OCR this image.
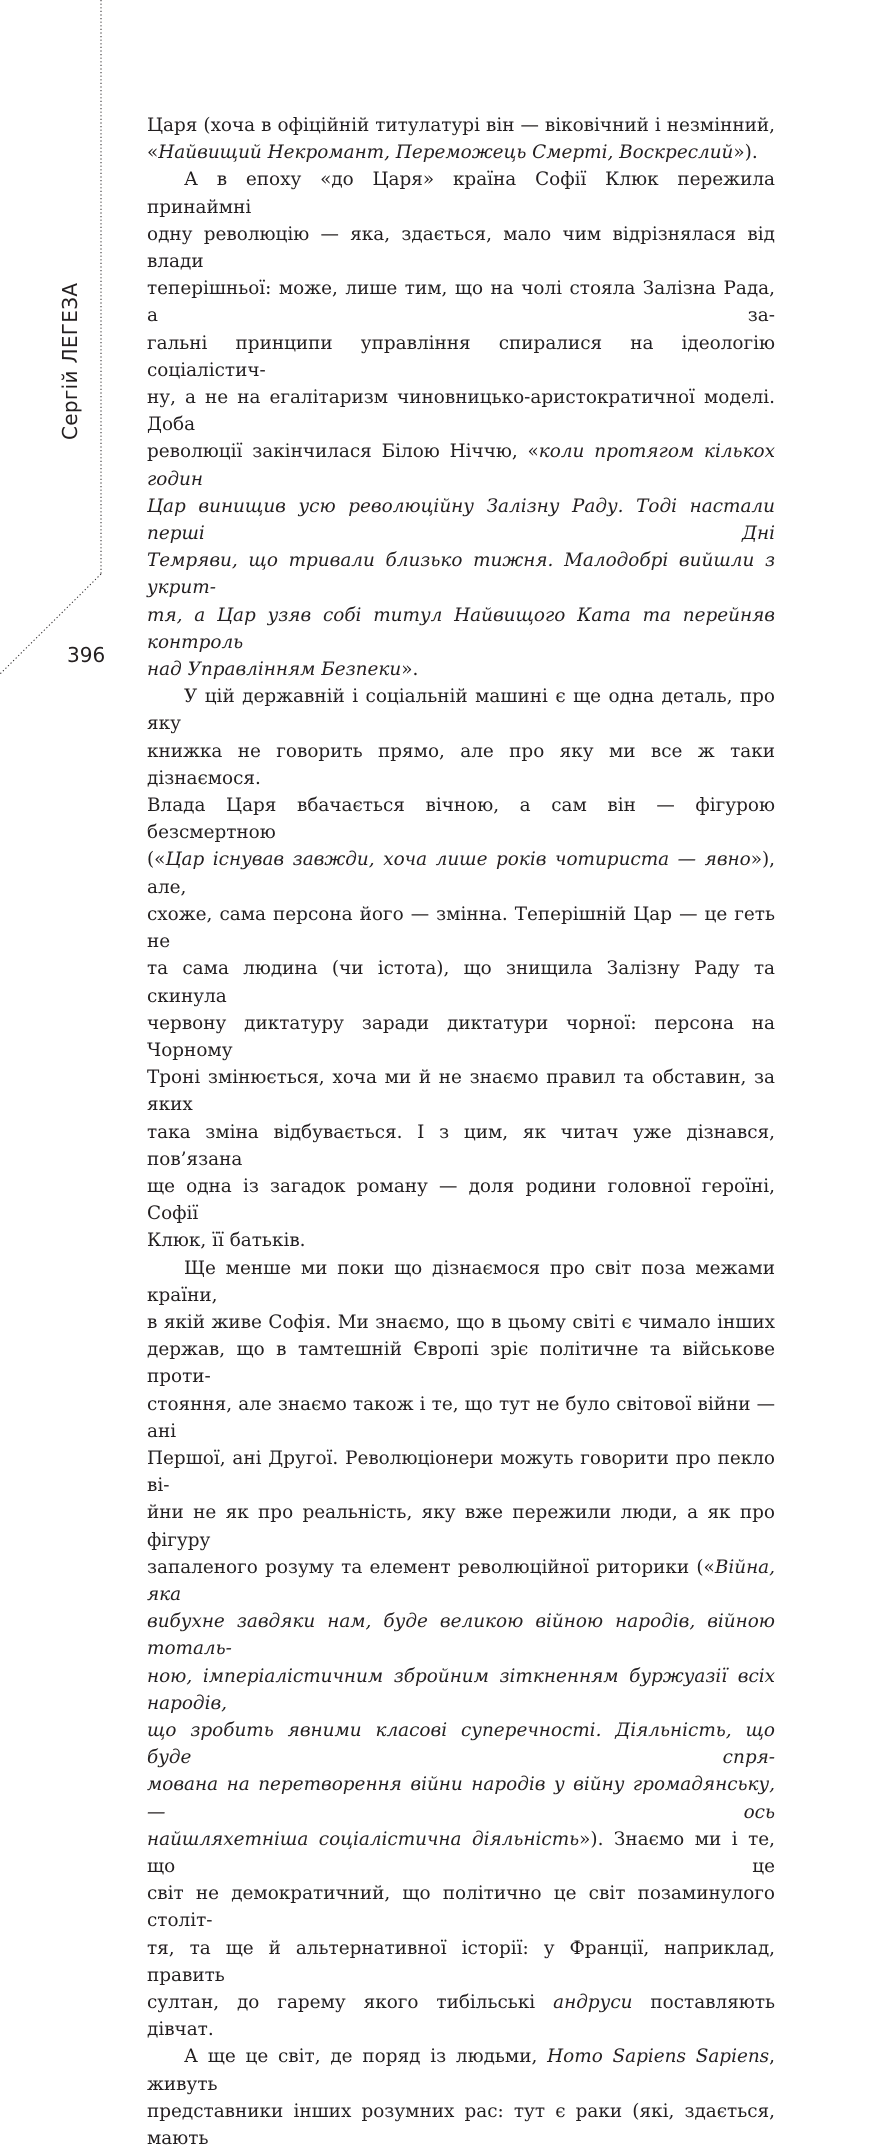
Сергій ЛЕГЕЗА
396

Царя (хоча в офіційній титулатурі він — віковічний і незмінний,

«Найвищий Некромант, Переможець Смерті, Воскреслий»).

А в епоху «до Царя» країна Софії Клюк пережила принаймні

одну революцію — яка, здається, мало чим відрізнялася від влади

теперішньої: може, лише тим, що на чолі стояла Залізна Рада, а за-

гальні принципи управління спиралися на ідеологію соціалістич-

ну, а не на егалітаризм чиновницько-аристократичної моделі. Доба

революції закінчилася Білою Ніччю, «коли протягом кількох годин

Цар винищив усю революційну Залізну Раду. Тоді настали перші Дні

Темряви, що тривали близько тижня. Малодобрі вийшли з укрит-

тя, а Цар узяв собі титул Найвищого Ката та перейняв контроль

над Управлінням Безпеки».

У цій державній і соціальній машині є ще одна деталь, про яку

книжка не говорить прямо, але про яку ми все ж таки дізнаємося.

Влада Царя вбачається вічною, а сам він — фігурою безсмертною

(«Цар існував завжди, хоча лише років чотириста — явно»), але,

схоже, сама персона його — змінна. Теперішній Цар — це геть не

та сама людина (чи істота), що знищила Залізну Раду та скинула

червону диктатуру заради диктатури чорної: персона на Чорному

Троні змінюється, хоча ми й не знаємо правил та обставин, за яких

така зміна відбувається. І з цим, як читач уже дізнався, пов’язана

ще одна із загадок роману — доля родини головної героїні, Софії

Клюк, її батьків.

Ще менше ми поки що дізнаємося про світ поза межами країни,

в якій живе Софія. Ми знаємо, що в цьому світі є чимало інших

держав, що в тамтешній Європі зріє політичне та військове проти-

стояння, але знаємо також і те, що тут не було світової війни — ані

Першої, ані Другої. Революціонери можуть говорити про пекло ві-

йни не як про реальність, яку вже пережили люди, а як про фігуру

запаленого розуму та елемент революційної риторики («Війна, яка

вибухне завдяки нам, буде великою війною народів, війною тоталь-

ною, імперіалістичним збройним зіткненням буржуазії всіх народів,

що зробить явними класові суперечності. Діяльність, що буде спря-

мована на перетворення війни народів у війну громадянську, — ось

найшляхетніша соціалістична діяльність»). Знаємо ми і те, що це

світ не демократичний, що політично це світ позаминулого століт-

тя, та ще й альтернативної історії: у Франції, наприклад, править

султан, до гарему якого тибільські андруси поставляють дівчат.

А ще це світ, де поряд із людьми, Homo Sapiens Sapiens, живуть

представники інших розумних рас: тут є раки (які, здається, мають
